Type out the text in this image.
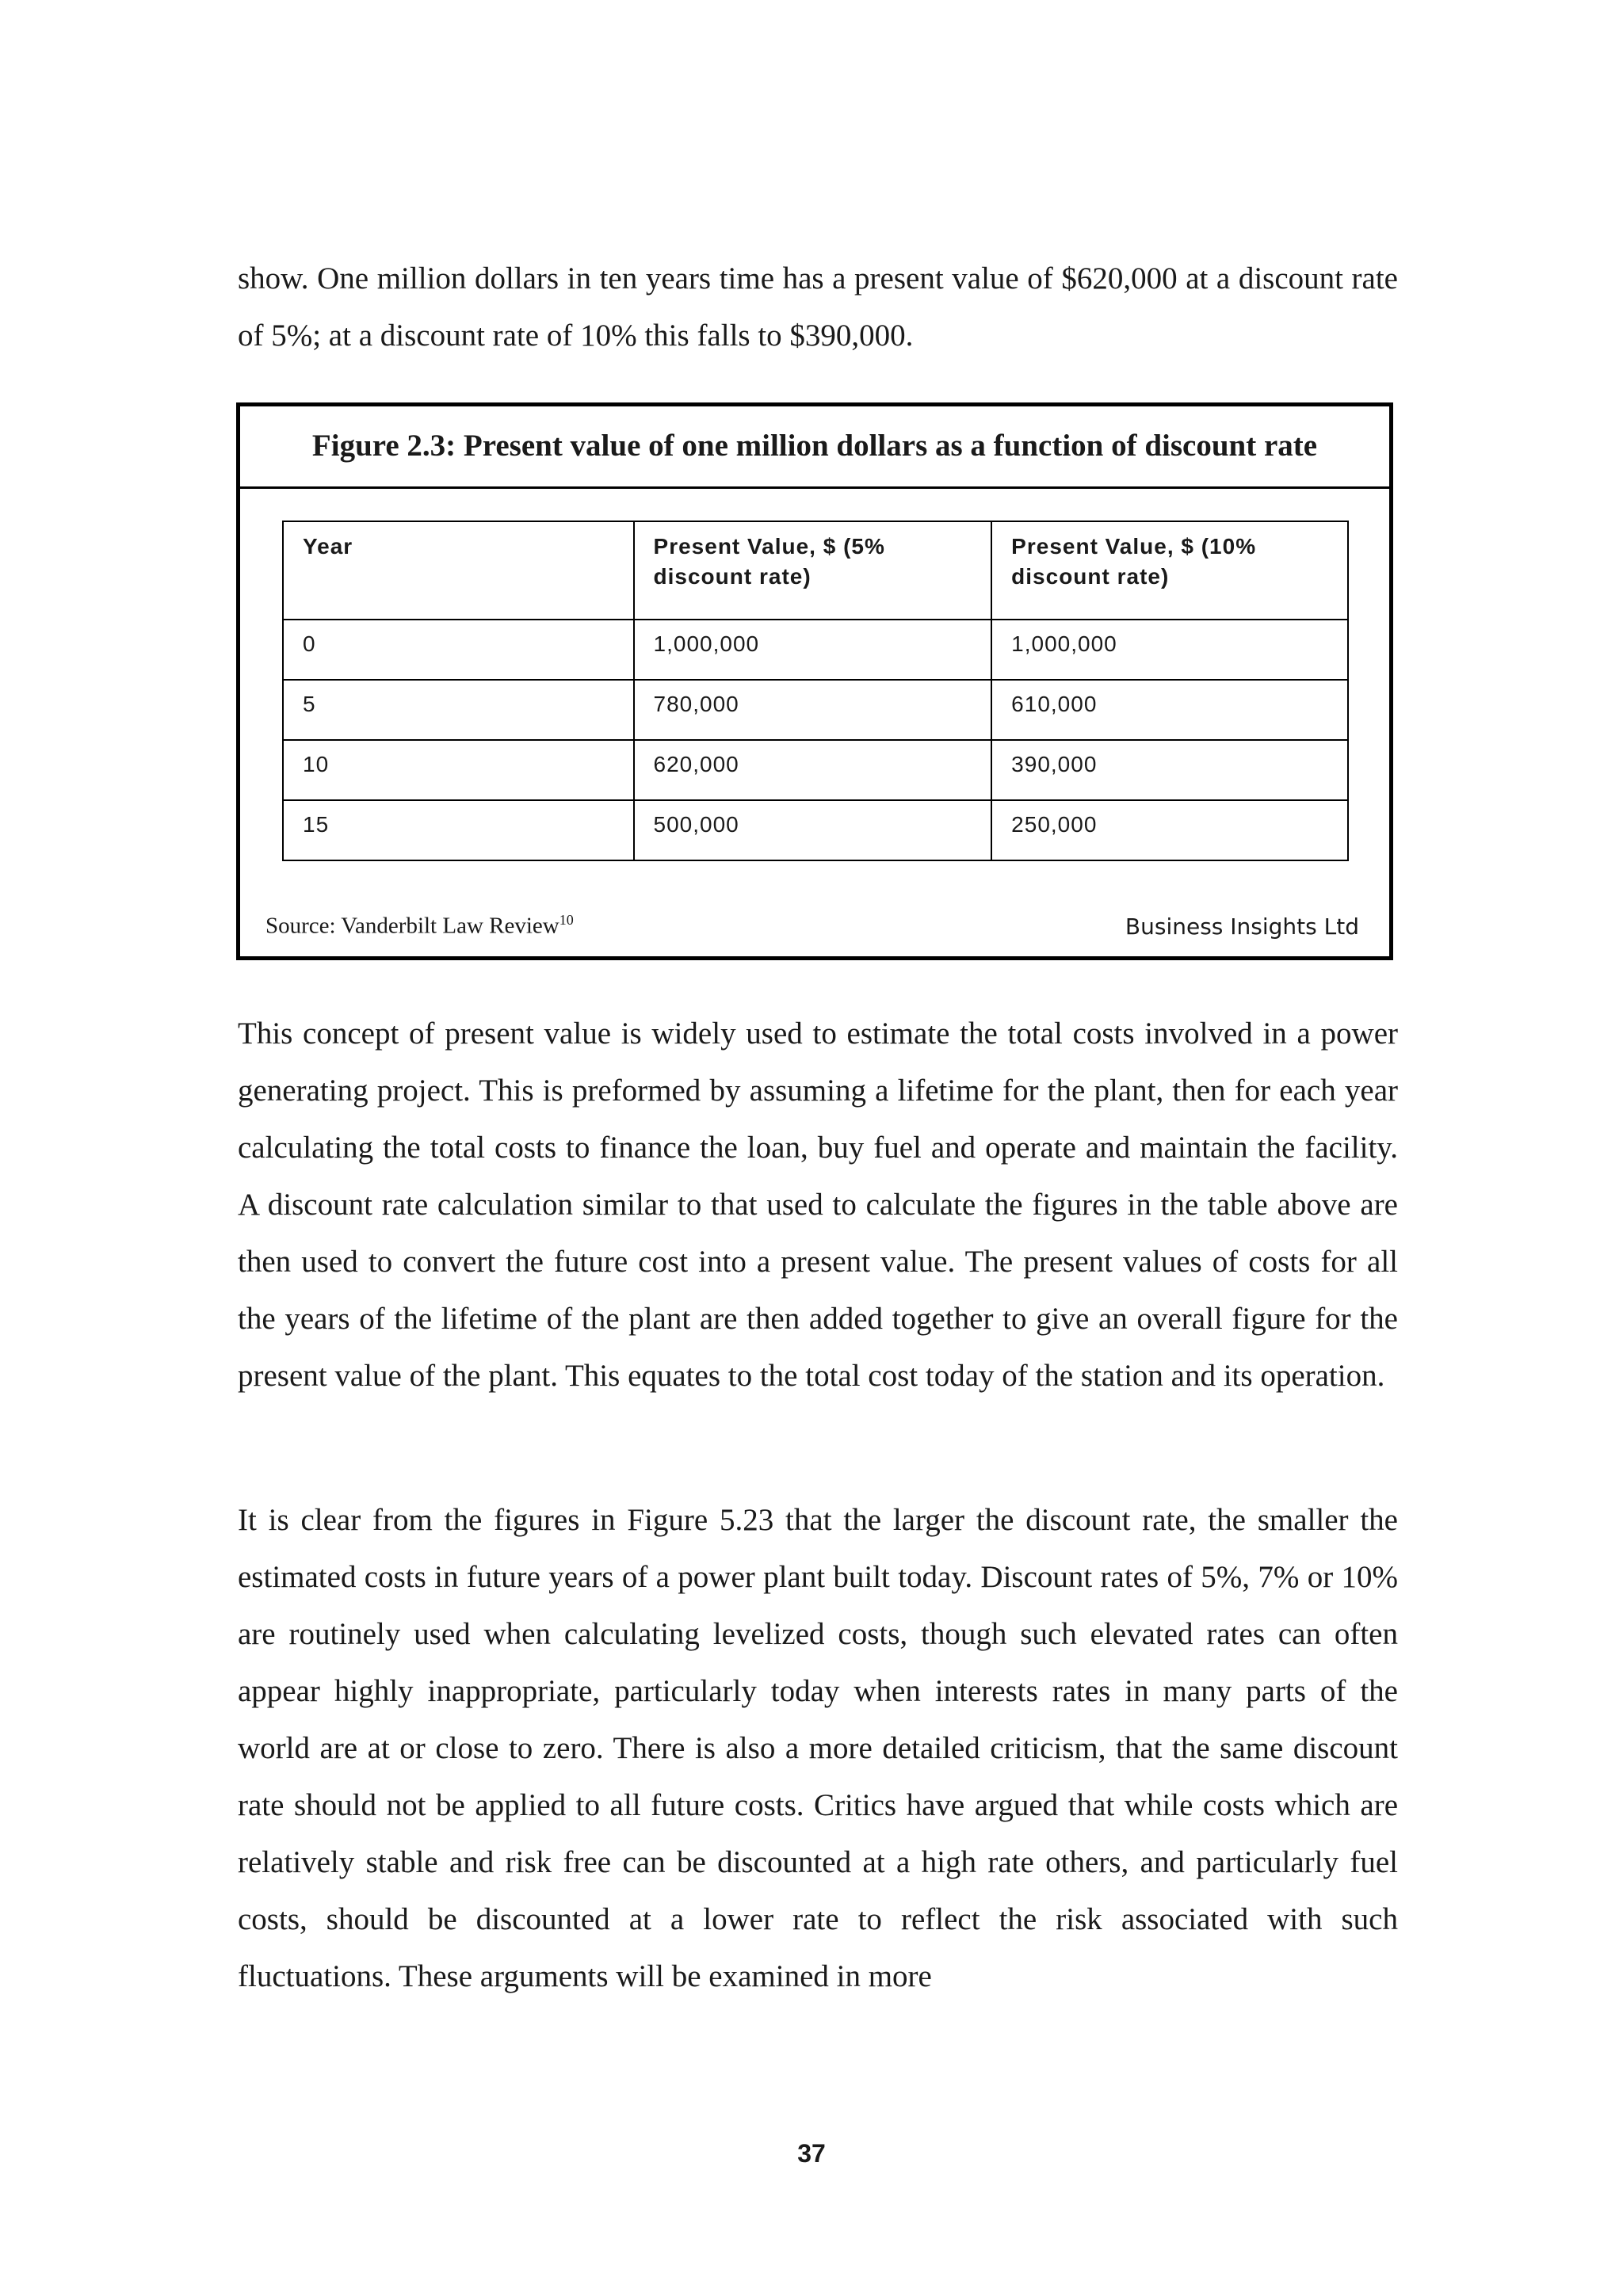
show. One million dollars in ten years time has a present value of $620,000 at a discount rate of 5%; at a discount rate of 10% this falls to $390,000.

Figure 2.3: Present value of one million dollars as a function of discount rate
Year	Present Value, $ (5% discount rate)	Present Value, $ (10% discount rate)
0	1,000,000	1,000,000
5	780,000	610,000
10	620,000	390,000
15	500,000	250,000
Source: Vanderbilt Law Review$^{10}$	Business Insights Ltd

This concept of present value is widely used to estimate the total costs involved in a power generating project. This is preformed by assuming a lifetime for the plant, then for each year calculating the total costs to finance the loan, buy fuel and operate and maintain the facility. A discount rate calculation similar to that used to calculate the figures in the table above are then used to convert the future cost into a present value. The present values of costs for all the years of the lifetime of the plant are then added together to give an overall figure for the present value of the plant. This equates to the total cost today of the station and its operation.

It is clear from the figures in Figure 5.23 that the larger the discount rate, the smaller the estimated costs in future years of a power plant built today. Discount rates of 5%, 7% or 10% are routinely used when calculating levelized costs, though such elevated rates can often appear highly inappropriate, particularly today when interests rates in many parts of the world are at or close to zero. There is also a more detailed criticism, that the same discount rate should not be applied to all future costs. Critics have argued that while costs which are relatively stable and risk free can be discounted at a high rate others, and particularly fuel costs, should be discounted at a lower rate to reflect the risk associated with such fluctuations. These arguments will be examined in more

37
